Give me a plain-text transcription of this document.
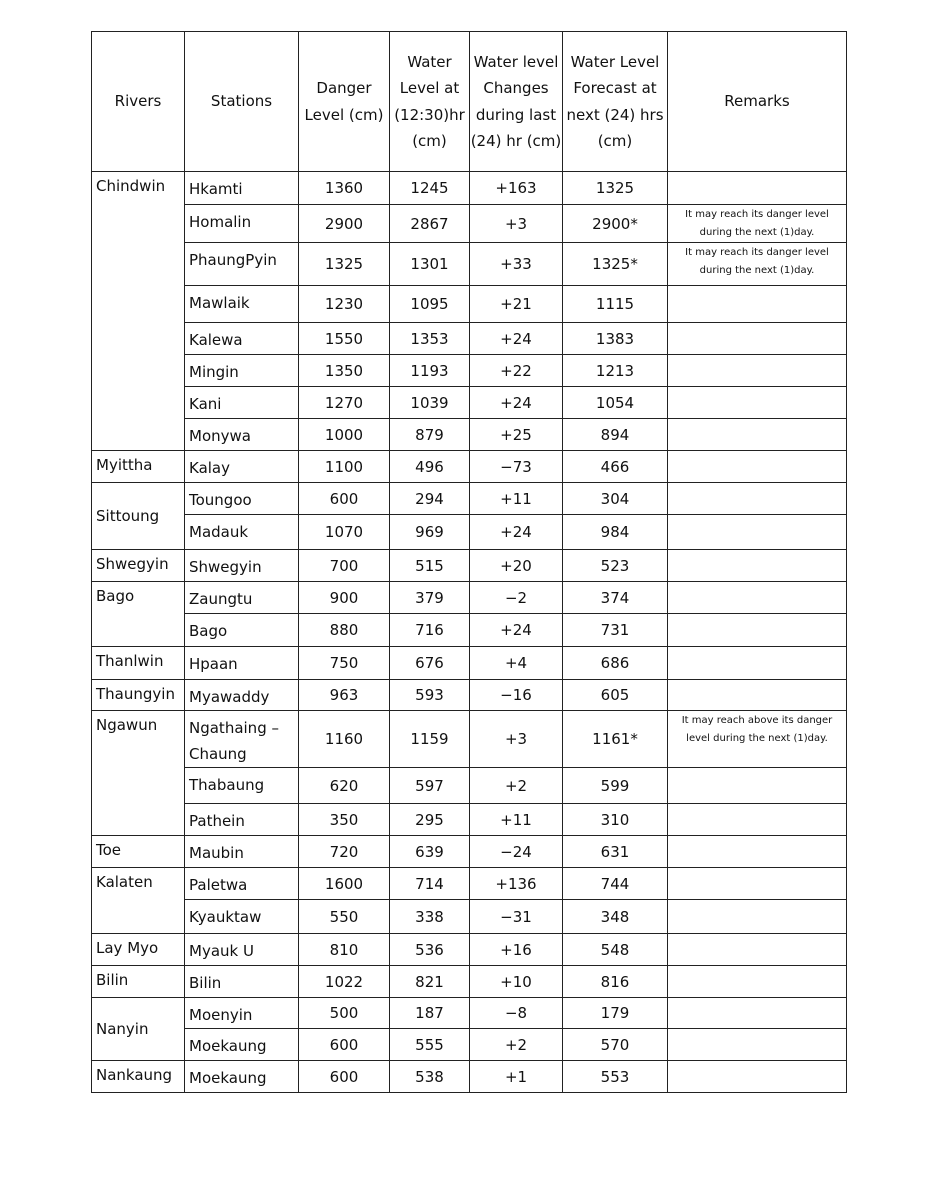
Rivers	Stations	Danger Level (cm)	Water Level at (12:30)hr (cm)	Water level Changes during last (24) hr (cm)	Water Level Forecast at next (24) hrs (cm)	Remarks
Chindwin	Hkamti	1360	1245	+163	1325	
	Homalin	2900	2867	+3	2900*	It may reach its danger level during the next (1)day.
	PhaungPyin	1325	1301	+33	1325*	It may reach its danger level during the next (1)day.
	Mawlaik	1230	1095	+21	1115	
	Kalewa	1550	1353	+24	1383	
	Mingin	1350	1193	+22	1213	
	Kani	1270	1039	+24	1054	
	Monywa	1000	879	+25	894	
Myittha	Kalay	1100	496	−73	466	
Sittoung	Toungoo	600	294	+11	304	
	Madauk	1070	969	+24	984	
Shwegyin	Shwegyin	700	515	+20	523	
Bago	Zaungtu	900	379	−2	374	
	Bago	880	716	+24	731	
Thanlwin	Hpaan	750	676	+4	686	
Thaungyin	Myawaddy	963	593	−16	605	
Ngawun	Ngathaing – Chaung	1160	1159	+3	1161*	It may reach above its danger level during the next (1)day.
	Thabaung	620	597	+2	599	
	Pathein	350	295	+11	310	
Toe	Maubin	720	639	−24	631	
Kalaten	Paletwa	1600	714	+136	744	
	Kyauktaw	550	338	−31	348	
Lay Myo	Myauk U	810	536	+16	548	
Bilin	Bilin	1022	821	+10	816	
Nanyin	Moenyin	500	187	−8	179	
	Moekaung	600	555	+2	570	
Nankaung	Moekaung	600	538	+1	553	
